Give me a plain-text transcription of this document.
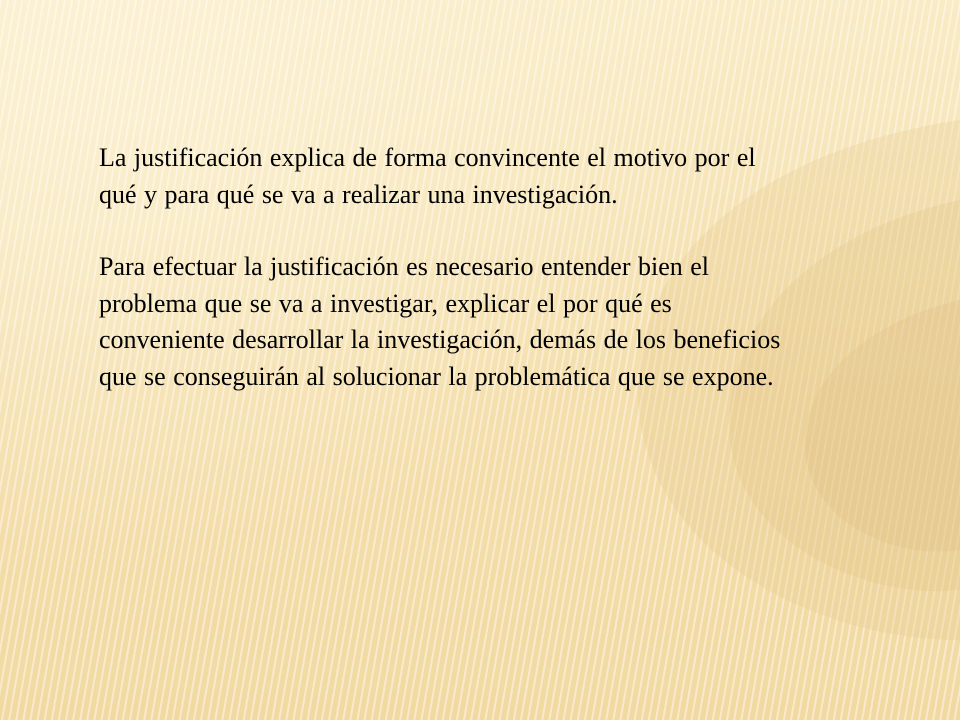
La justificación explica de forma convincente el motivo por el qué y para qué se va a realizar una investigación.

Para efectuar la justificación es necesario entender bien el problema que se va a investigar, explicar el por qué es conveniente desarrollar la investigación, demás de los beneficios que se conseguirán al solucionar la problemática que se expone.
